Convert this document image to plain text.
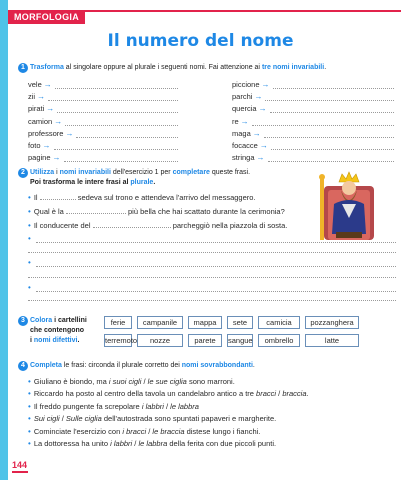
MORFOLOGIA
Il numero del nome
1 Trasforma al singolare oppure al plurale i seguenti nomi. Fai attenzione ai tre nomi invariabili.
vele →
zii →
pirati →
camion →
professore →
foto →
pagine →
piccione →
parchi →
quercia →
re →
maga →
focacce →
stringa →
2 Utilizza i nomi invariabili dell'esercizio 1 per completare queste frasi.
Poi trasforma le intere frasi al plurale.
• Il	sedeva sul trono e attendeva l'arrivo del messaggero.
• Qual è la	più bella che hai scattato durante la cerimonia?
• Il conducente del	parcheggiò nella piazzola di sosta.
•
•
•
3 Colora i cartellini
che contengono
i nomi difettivi.
ferie	campanile	mappa	sete	camicia	pozzanghera
terremoto	nozze	parete	sangue	ombrello	latte
4 Completa le frasi: circonda il plurale corretto dei nomi sovrabbondanti.
• Giuliano è biondo, ma i suoi cigli / le sue ciglia sono marroni.
• Riccardo ha posto al centro della tavola un candelabro antico a tre bracci / braccia.
• Il freddo pungente fa screpolare i labbri / le labbra
• Sui cigli / Sulle ciglia dell'autostrada sono spuntati papaveri e margherite.
• Cominciate l'esercizio con i bracci / le braccia distese lungo i fianchi.
• La dottoressa ha unito i labbri / le labbra della ferita con due piccoli punti.
144
